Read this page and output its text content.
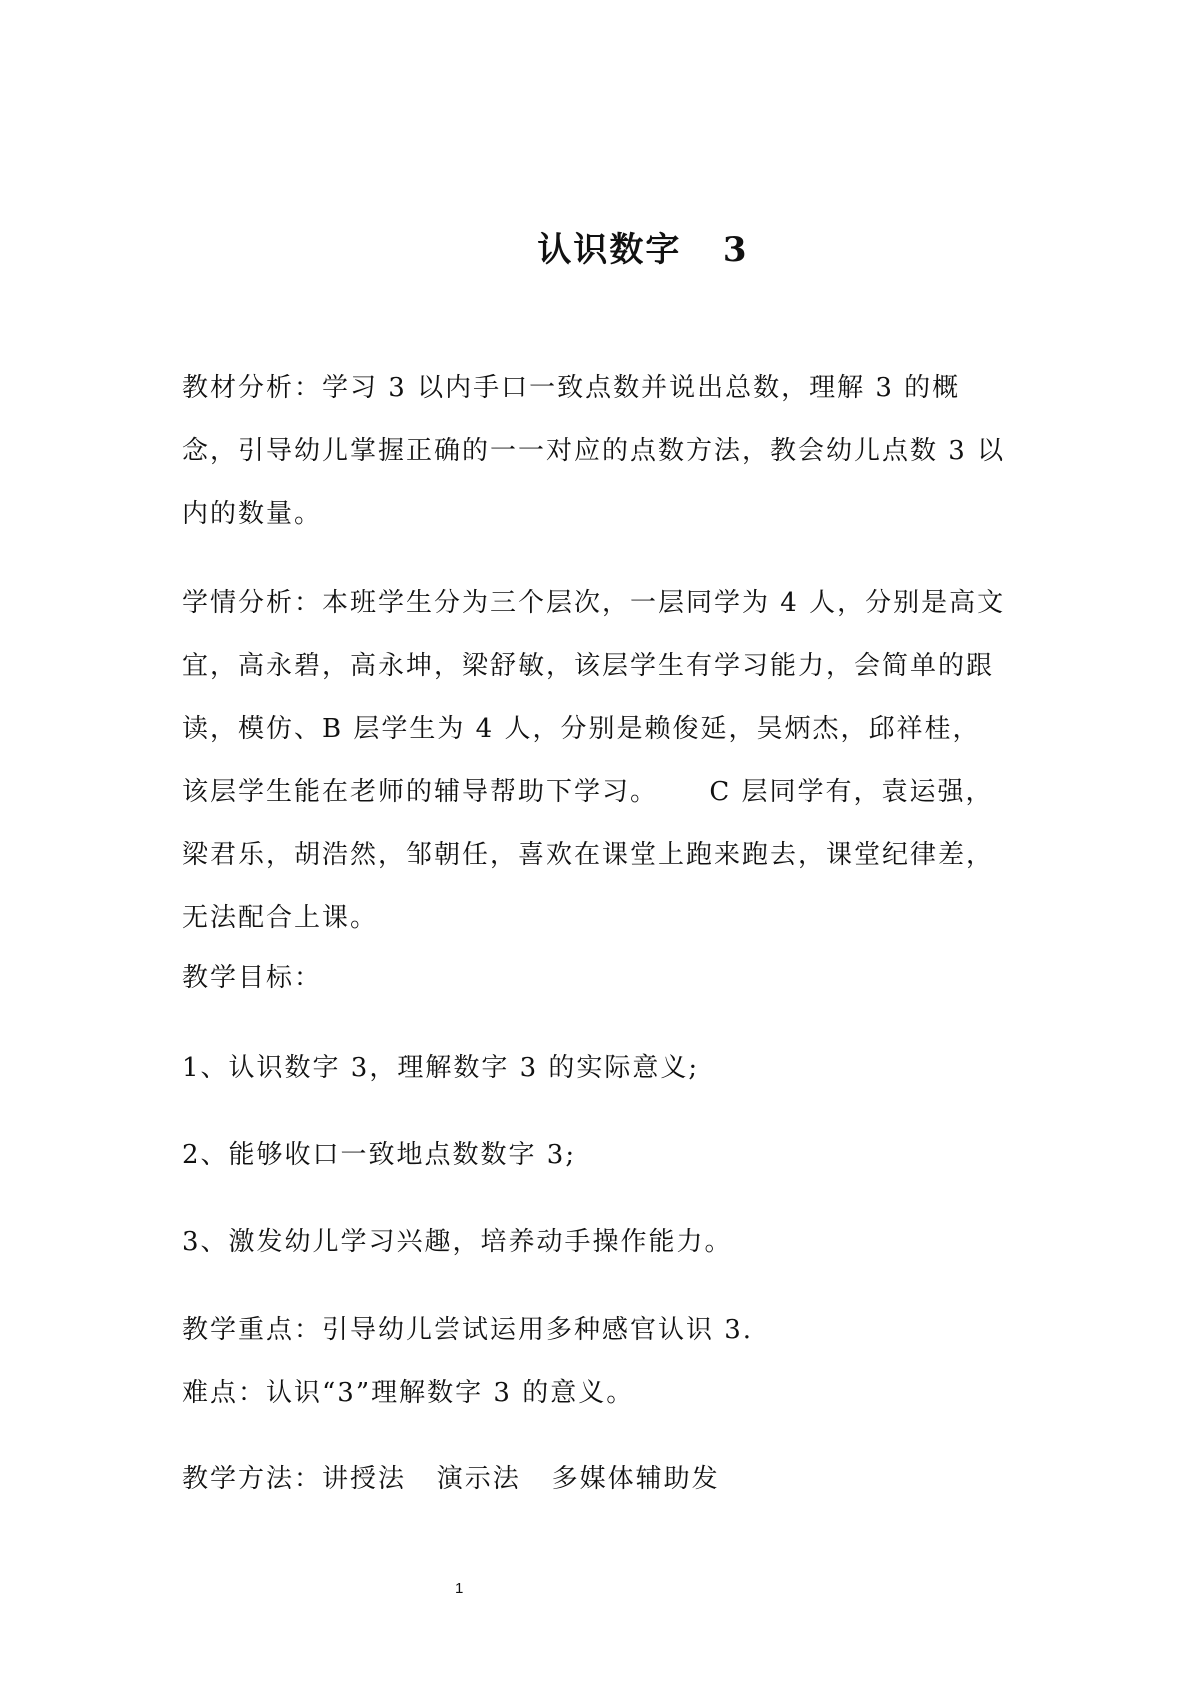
认识数字   3
教材分析：学习 3 以内手口一致点数并说出总数，理解 3 的概念，引导幼儿掌握正确的一一对应的点数方法，教会幼儿点数 3 以内的数量。
学情分析：本班学生分为三个层次，一层同学为 4 人，分别是高文宜，高永碧，高永坤，梁舒敏，该层学生有学习能力，会简单的跟读，模仿、B 层学生为 4 人，分别是赖俊延，吴炳杰，邱祥桂，  该层学生能在老师的辅导帮助下学习。     C 层同学有，袁运强，梁君乐，胡浩然，邹朝任，喜欢在课堂上跑来跑去，课堂纪律差，无法配合上课。
教学目标：
1、认识数字 3，理解数字 3 的实际意义;
2、能够收口一致地点数数字 3;
3、激发幼儿学习兴趣，培养动手操作能力。
教学重点：引导幼儿尝试运用多种感官认识 3.
难点：认识“3”理解数字 3 的意义。
教学方法：讲授法   演示法   多媒体辅助发
1
